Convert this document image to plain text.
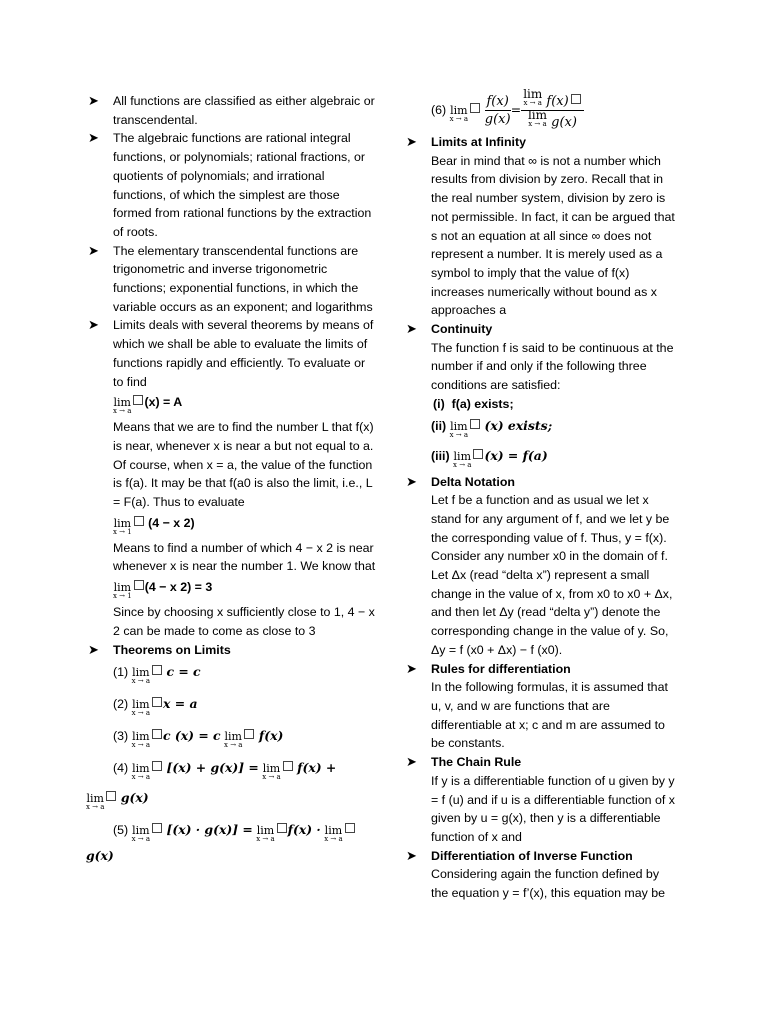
➤ All functions are classified as either algebraic or transcendental.
➤ The algebraic functions are rational integral functions, or polynomials; rational fractions, or quotients of polynomials; and irrational functions, of which the simplest are those formed from rational functions by the extraction of roots.
➤ The elementary transcendental functions are trigonometric and inverse trigonometric functions; exponential functions, in which the variable occurs as an exponent; and logarithms
➤ Limits deals with several theorems by means of which we shall be able to evaluate the limits of functions rapidly and efficiently. To evaluate or to find
lim
x → a
(x) = A
Means that we are to find the number L that f(x) is near, whenever x is near a but not equal to a. Of course, when x = a, the value of the function is f(a). It may be that f(a0 is also the limit, i.e., L = F(a). Thus to evaluate
lim
x → 1
(4 − x 2)
Means to find a number of which 4 − x 2 is near whenever x is near the number 1. We know that
lim
x → 1
(4 − x 2) = 3
Since by choosing x sufficiently close to 1, 4 − x 2 can be made to come as close to 3
➤ Theorems on Limits
(1) lim
x → a
c = c
(2) lim
x → a
x = a
(3) lim
x → a
c (x) = c lim
x → a
f(x)
(4) lim
x → a
[(x) + g(x)] = lim
x → a
f(x) +
lim
x → a
g(x)
(5) lim
x → a
[(x) · g(x)] = lim
x → a
f(x) · lim
x → a
g(x)
(6) lim
x → a
$\frac{f(x)}{g(x)} = \lim$
x → a f(x)
lim
x → a g(x)
➤ Limits at Infinity
Bear in mind that ∞ is not a number which results from division by zero. Recall that in the real number system, division by zero is not permissible. In fact, it can be argued that s not an equation at all since ∞ does not represent a number. It is merely used as a symbol to imply that the value of f(x) increases numerically without bound as x approaches a
➤ Continuity
The function f is said to be continuous at the number if and only if the following three conditions are satisfied:
(i) f(a) exists;
(ii) lim
x → a
(x) exists;
(iii) lim
x → a
(x) = f(a)
➤ Delta Notation
Let f be a function and as usual we let x stand for any argument of f, and we let y be the corresponding value of f. Thus, y = f(x). Consider any number x0 in the domain of f. Let Δx (read “delta x”) represent a small change in the value of x, from x0 to x0 + Δx, and then let Δy (read “delta y”) denote the corresponding change in the value of y. So, Δy = f (x0 + Δx) − f (x0).
➤ Rules for differentiation
In the following formulas, it is assumed that u, v, and w are functions that are differentiable at x; c and m are assumed to be constants.
➤ The Chain Rule
If y is a differentiable function of u given by y = f (u) and if u is a differentiable function of x given by u = g(x), then y is a differentiable function of x and
➤ Differentiation of Inverse Function
Considering again the function defined by the equation y = f’(x), this equation may be
